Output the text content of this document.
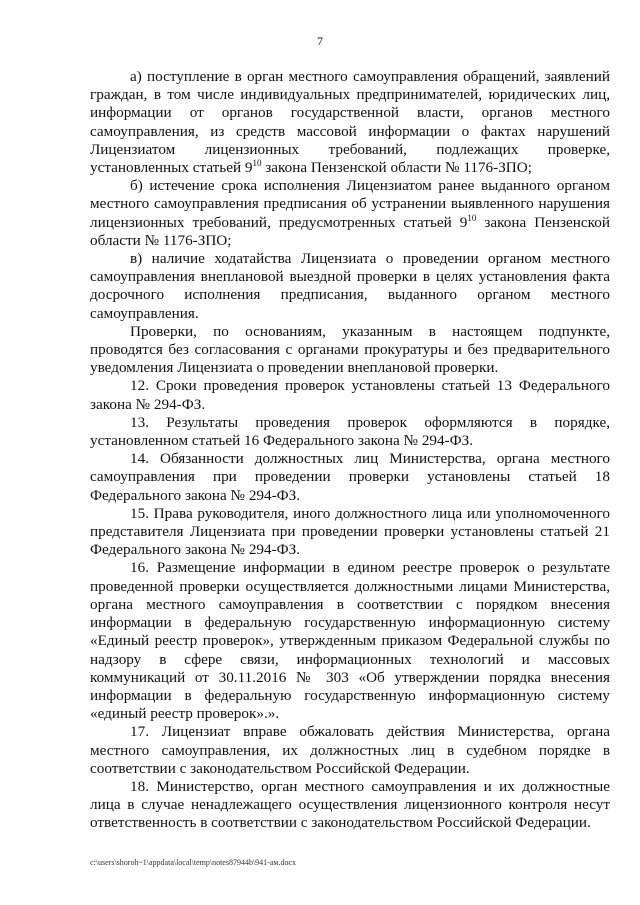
7

а) поступление в орган местного самоуправления обращений, заявлений граждан, в том числе индивидуальных предпринимателей, юридических лиц, информации от органов государственной власти, органов местного самоуправления, из средств массовой информации о фактах нарушений Лицензиатом лицензионных требований, подлежащих проверке, установленных статьей $9^{10}$ закона Пензенской области № 1176-ЗПО;

б) истечение срока исполнения Лицензиатом ранее выданного органом местного самоуправления предписания об устранении выявленного нарушения лицензионных требований, предусмотренных статьей $9^{10}$ закона Пензенской области № 1176-ЗПО;

в) наличие ходатайства Лицензиата о проведении органом местного самоуправления внеплановой выездной проверки в целях установления факта досрочного исполнения предписания, выданного органом местного самоуправления.

Проверки, по основаниям, указанным в настоящем подпункте, проводятся без согласования с органами прокуратуры и без предварительного уведомления Лицензиата о проведении внеплановой проверки.

12. Сроки проведения проверок установлены статьей 13 Федерального закона № 294-ФЗ.

13. Результаты проведения проверок оформляются в порядке, установленном статьей 16 Федерального закона № 294-ФЗ.

14. Обязанности должностных лиц Министерства, органа местного самоуправления при проведении проверки установлены статьей 18 Федерального закона № 294-ФЗ.

15. Права руководителя, иного должностного лица или уполномоченного представителя Лицензиата при проведении проверки установлены статьей 21 Федерального закона № 294-ФЗ.

16. Размещение информации в едином реестре проверок о результате проведенной проверки осуществляется должностными лицами Министерства, органа местного самоуправления в соответствии с порядком внесения информации в федеральную государственную информационную систему «Единый реестр проверок», утвержденным приказом Федеральной службы по надзору в сфере связи, информационных технологий и массовых коммуникаций от 30.11.2016 № 303 «Об утверждении порядка внесения информации в федеральную государственную информационную систему «единый реестр проверок».».

17. Лицензиат вправе обжаловать действия Министерства, органа местного самоуправления, их должностных лиц в судебном порядке в соответствии с законодательством Российской Федерации.

18. Министерство, орган местного самоуправления и их должностные лица в случае ненадлежащего осуществления лицензионного контроля несут ответственность в соответствии с законодательством Российской Федерации.

c:\users\shoroh~1\appdata\local\temp\notes87944b\941-aм.docx
